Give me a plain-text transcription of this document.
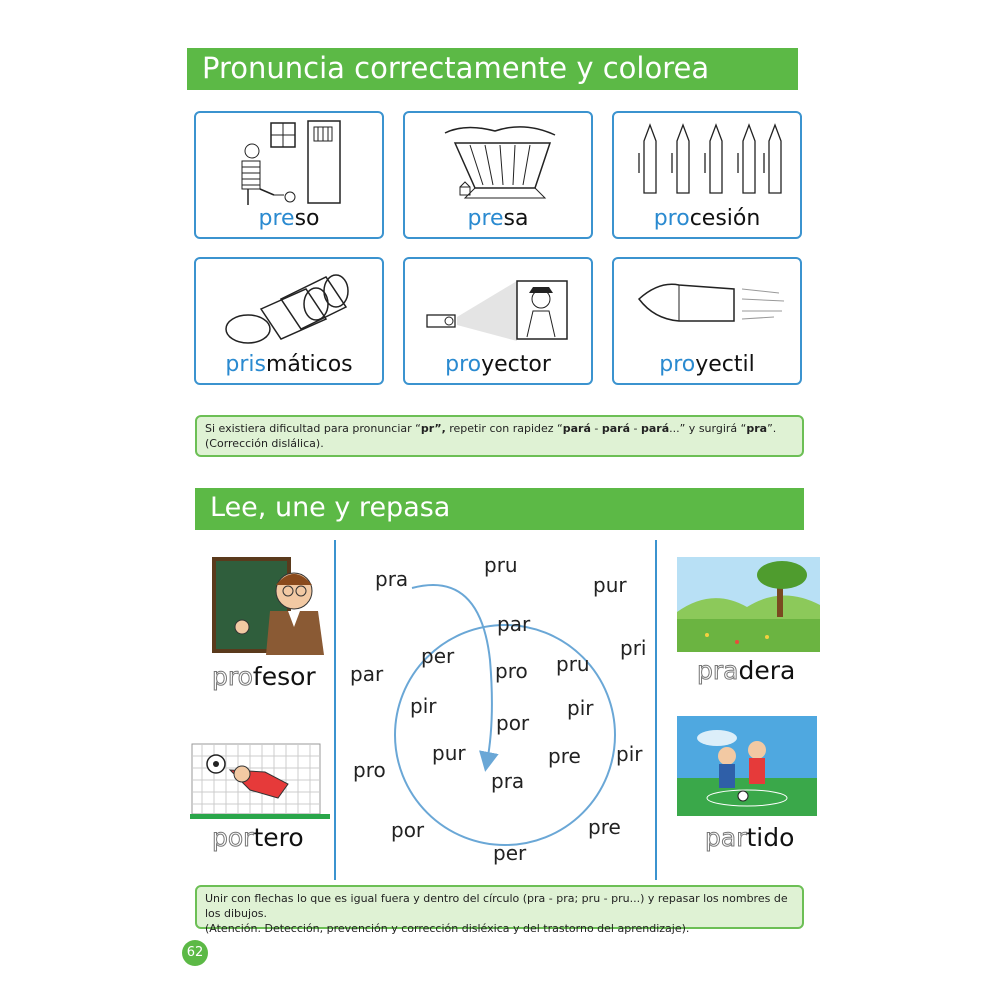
Pronuncia correctamente y colorea
preso	presa	procesión
prismáticos	proyector	proyectil
Si existiera dificultad para pronunciar “pr”, repetir con rapidez “pará - pará - pará...” y surgirá “pra”.
(Corrección dislálica).
Lee, une y repasa
profesor
portero
pradera
partido
pra
pru
pur
pri
par
pro
pir
por
per
pre
par
per
pro pru
pir	pir
por
pur	pre
pra
Unir con flechas lo que es igual fuera y dentro del círculo (pra - pra; pru - pru...) y repasar los nombres de los dibujos.
(Atención. Detección, prevención y corrección disléxica y del trastorno del aprendizaje).
62
